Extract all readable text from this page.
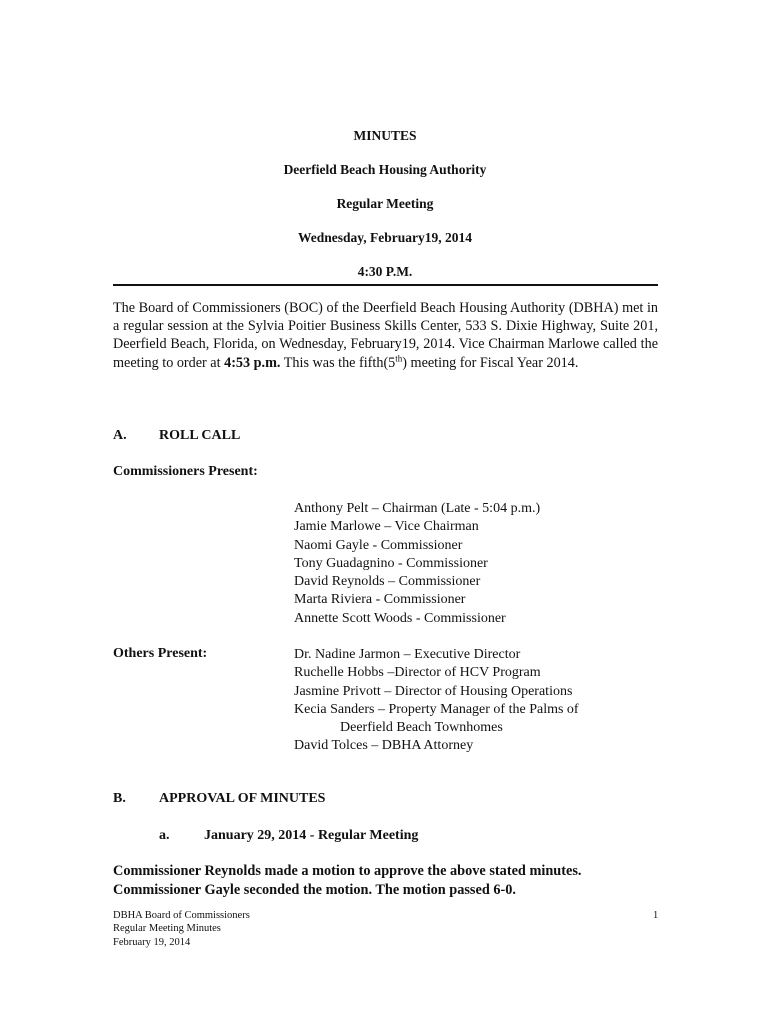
MINUTES
Deerfield Beach Housing Authority
Regular Meeting
Wednesday, February19, 2014
4:30 P.M.
The Board of Commissioners (BOC) of the Deerfield Beach Housing Authority (DBHA) met in a regular session at the Sylvia Poitier Business Skills Center, 533 S. Dixie Highway, Suite 201, Deerfield Beach, Florida, on Wednesday, February19, 2014. Vice Chairman Marlowe called the meeting to order at 4:53 p.m. This was the fifth(5th) meeting for Fiscal Year 2014.
A. ROLL CALL
Commissioners Present:
Anthony Pelt – Chairman (Late - 5:04 p.m.)
Jamie Marlowe – Vice Chairman
Naomi Gayle - Commissioner
Tony Guadagnino - Commissioner
David Reynolds – Commissioner
Marta Riviera - Commissioner
Annette Scott Woods - Commissioner
Others Present:	Dr. Nadine Jarmon – Executive Director
Ruchelle Hobbs –Director of HCV Program
Jasmine Privott – Director of Housing Operations
Kecia Sanders – Property Manager of the Palms of
Deerfield Beach Townhomes
David Tolces – DBHA Attorney
B. APPROVAL OF MINUTES
a. January 29, 2014 - Regular Meeting
Commissioner Reynolds made a motion to approve the above stated minutes.
Commissioner Gayle seconded the motion. The motion passed 6-0.
DBHA Board of Commissioners
Regular Meeting Minutes
February 19, 2014
1
